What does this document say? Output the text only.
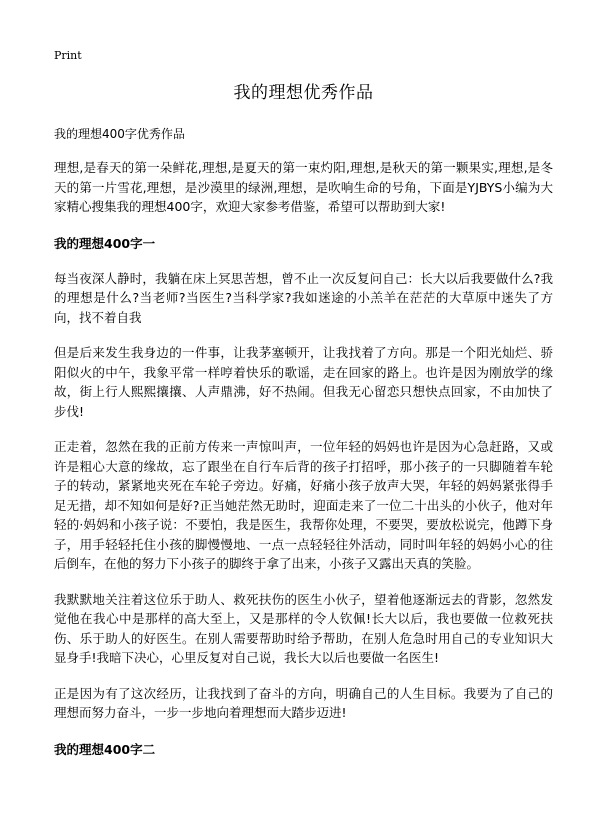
Print
我的理想优秀作品
我的理想400字优秀作品
理想,是春天的第一朵鲜花,理想,是夏天的第一束灼阳,理想,是秋天的第一颗果实,理想,是冬天的第一片雪花,理想，是沙漠里的绿洲,理想，是吹响生命的号角，下面是YJBYS小编为大家精心搜集我的理想400字，欢迎大家参考借鉴，希望可以帮助到大家!
我的理想400字一
每当夜深人静时，我躺在床上冥思苦想，曾不止一次反复问自己：长大以后我要做什么?我的理想是什么?当老师?当医生?当科学家?我如迷途的小羔羊在茫茫的大草原中迷失了方向，找不着自我
但是后来发生我身边的一件事，让我茅塞顿开，让我找着了方向。那是一个阳光灿烂、骄阳似火的中午，我象平常一样哼着快乐的歌谣，走在回家的路上。也许是因为刚放学的缘故，街上行人熙熙攘攘、人声鼎沸，好不热闹。但我无心留恋只想快点回家，不由加快了步伐!
正走着，忽然在我的正前方传来一声惊叫声，一位年轻的妈妈也许是因为心急赶路，又或许是粗心大意的缘故，忘了跟坐在自行车后背的孩子打招呼，那小孩子的一只脚随着车轮子的转动，紧紧地夹死在车轮子旁边。好痛，好痛小孩子放声大哭，年轻的妈妈紧张得手足无措，却不知如何是好?正当她茫然无助时，迎面走来了一位二十出头的小伙子，他对年轻的·妈妈和小孩子说：不要怕，我是医生，我帮你处理，不要哭，要放松说完，他蹲下身子，用手轻轻托住小孩的脚慢慢地、一点一点轻轻往外活动，同时叫年轻的妈妈小心的往后倒车，在他的努力下小孩子的脚终于拿了出来，小孩子又露出天真的笑脸。
我默默地关注着这位乐于助人、救死扶伤的医生小伙子，望着他逐渐远去的背影，忽然发觉他在我心中是那样的高大至上，又是那样的令人钦佩!长大以后，我也要做一位救死扶伤、乐于助人的好医生。在别人需要帮助时给予帮助，在别人危急时用自己的专业知识大显身手!我暗下决心，心里反复对自己说，我长大以后也要做一名医生!
正是因为有了这次经历，让我找到了奋斗的方向，明确自己的人生目标。我要为了自己的理想而努力奋斗，一步一步地向着理想而大踏步迈进!
我的理想400字二
